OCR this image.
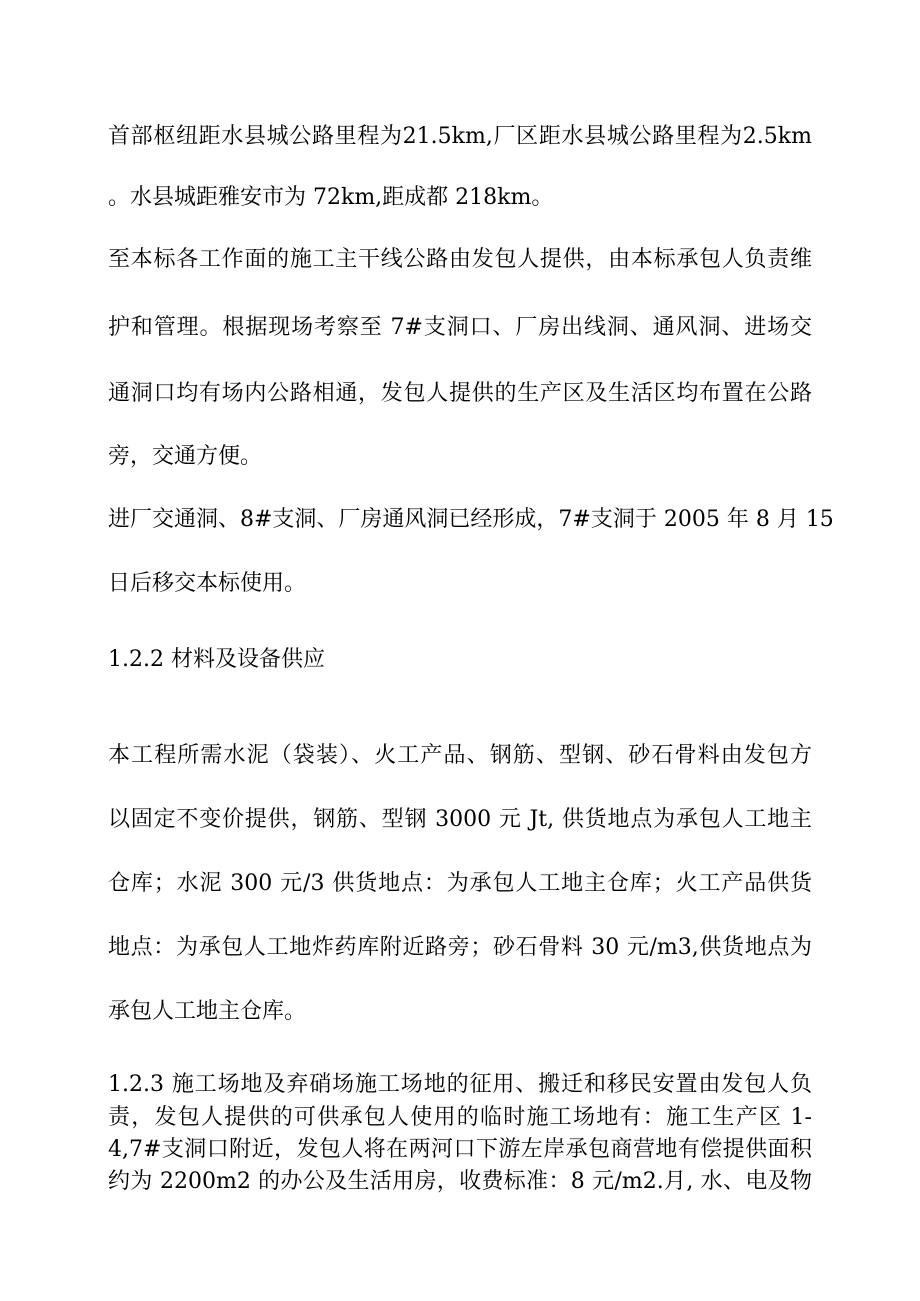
首部枢纽距水县城公路里程为21.5km,厂区距水县城公路里程为2.5km

。水县城距雅安市为 72km,距成都 218km。

至本标各工作面的施工主干线公路由发包人提供，由本标承包人负责维

护和管理。根据现场考察至 7#支洞口、厂房出线洞、通风洞、进场交

通洞口均有场内公路相通，发包人提供的生产区及生活区均布置在公路

旁，交通方便。

进厂交通洞、8#支洞、厂房通风洞已经形成，7#支洞于 2005 年 8 月 15

日后移交本标使用。

1.2.2 材料及设备供应

本工程所需水泥（袋装）、火工产品、钢筋、型钢、砂石骨料由发包方

以固定不变价提供，钢筋、型钢 3000 元 Jt, 供货地点为承包人工地主

仓库；水泥 300 元/3 供货地点：为承包人工地主仓库；火工产品供货

地点：为承包人工地炸药库附近路旁；砂石骨料 30 元/m3,供货地点为

承包人工地主仓库。

1.2.3 施工场地及弃硝场施工场地的征用、搬迁和移民安置由发包人负

责，发包人提供的可供承包人使用的临时施工场地有：施工生产区 1-

4,7#支洞口附近，发包人将在两河口下游左岸承包商营地有偿提供面积

约为 2200m2 的办公及生活用房，收费标准：8 元/m2.月, 水、电及物
